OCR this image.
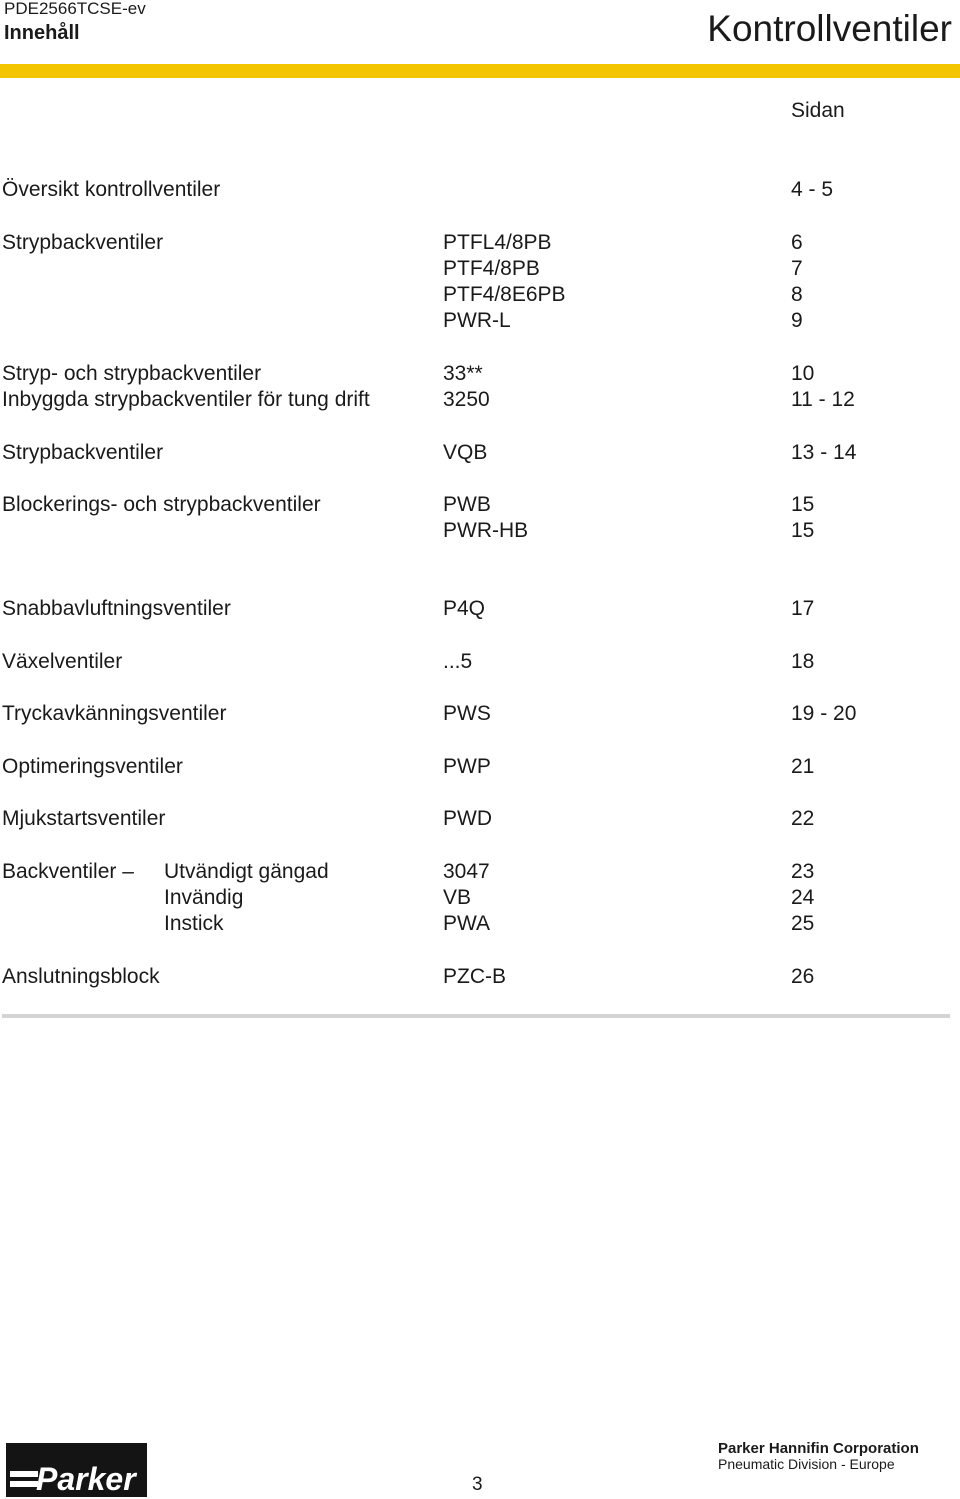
PDE2566TCSE-ev
Innehåll	Kontrollventiler
Sidan
Översikt kontrollventiler	4 - 5
Strypbackventiler	PTFL4/8PB	6
PTF4/8PB	7
PTF4/8E6PB	8
PWR-L	9
Stryp- och strypbackventiler	33**	10
Inbyggda strypbackventiler för tung drift	3250	11 - 12
Strypbackventiler	VQB	13 - 14
Blockerings- och strypbackventiler	PWB	15
PWR-HB	15
Snabbavluftningsventiler	P4Q	17
Växelventiler	...5	18
Tryckavkänningsventiler	PWS	19 - 20
Optimeringsventiler	PWP	21
Mjukstartsventiler	PWD	22
Backventiler – Utvändigt gängad	3047	23
Invändig	VB	24
Instick	PWA	25
Anslutningsblock	PZC-B	26
Parker	3
Parker Hannifin Corporation
Pneumatic Division - Europe
